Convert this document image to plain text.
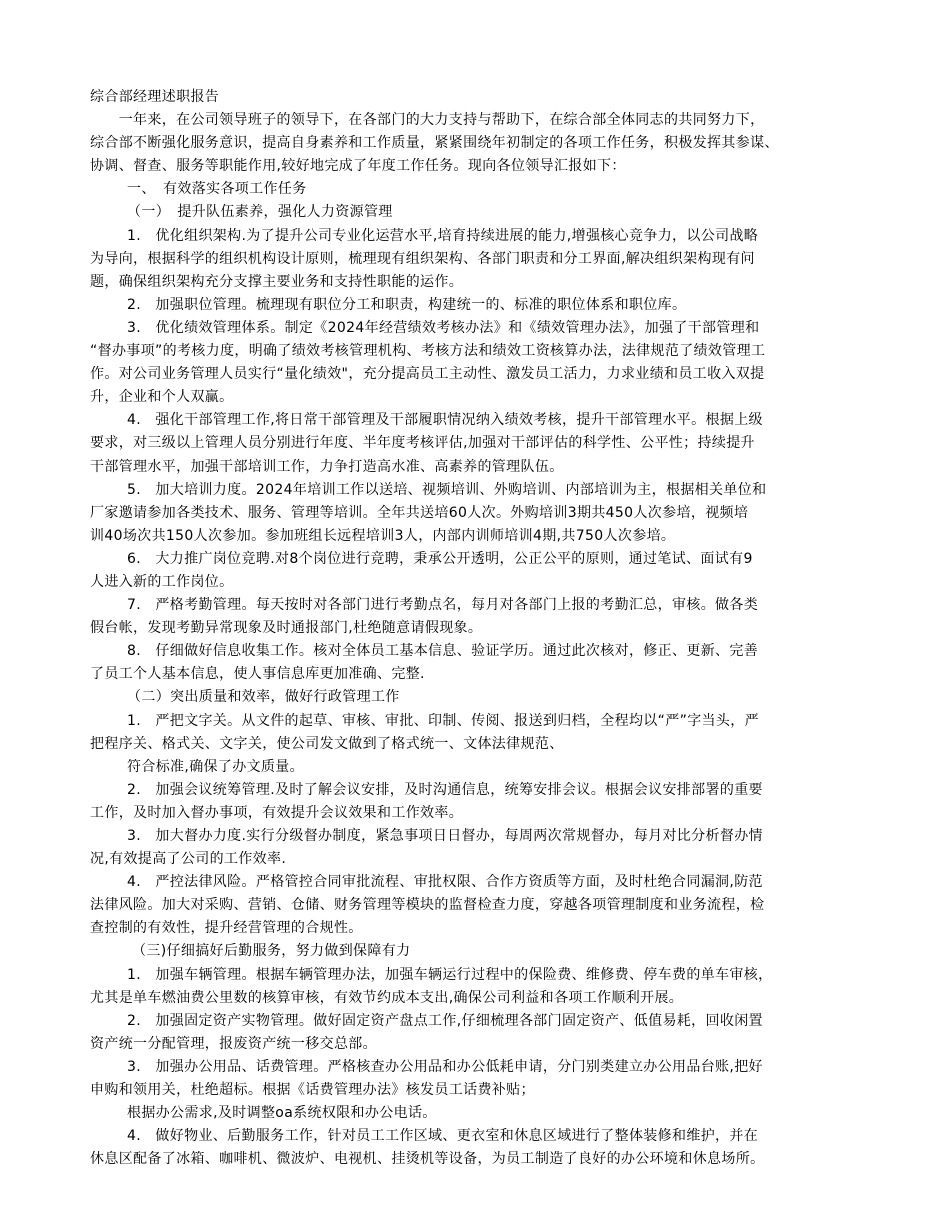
综合部经理述职报告

　　一年来，在公司领导班子的领导下，在各部门的大力支持与帮助下，在综合部全体同志的共同努力下，

综合部不断强化服务意识，提高自身素养和工作质量，紧紧围绕年初制定的各项工作任务，积极发挥其参谋、

协调、督查、服务等职能作用,较好地完成了年度工作任务。现向各位领导汇报如下：

一、　有效落实各项工作任务

（一）　提升队伍素养，强化人力资源管理

1.　优化组织架构.为了提升公司专业化运营水平,培育持续进展的能力,增强核心竞争力，以公司战略

为导向，根据科学的组织机构设计原则，梳理现有组织架构、各部门职责和分工界面,解决组织架构现有问

题，确保组织架构充分支撑主要业务和支持性职能的运作。

2.　加强职位管理。梳理现有职位分工和职责，构建统一的、标准的职位体系和职位库。

3.　优化绩效管理体系。制定《2024年经营绩效考核办法》和《绩效管理办法》，加强了干部管理和

“督办事项”的考核力度，明确了绩效考核管理机构、考核方法和绩效工资核算办法，法律规范了绩效管理工

作。对公司业务管理人员实行“量化绩效"，充分提高员工主动性、激发员工活力，力求业绩和员工收入双提

升，企业和个人双赢。

4.　强化干部管理工作,将日常干部管理及干部履职情况纳入绩效考核，提升干部管理水平。根据上级

要求，对三级以上管理人员分别进行年度、半年度考核评估,加强对干部评估的科学性、公平性；持续提升

干部管理水平，加强干部培训工作，力争打造高水准、高素养的管理队伍。

5.　加大培训力度。2024年培训工作以送培、视频培训、外购培训、内部培训为主，根据相关单位和

厂家邀请参加各类技术、服务、管理等培训。全年共送培60人次。外购培训3期共450人次参培，视频培

训40场次共150人次参加。参加班组长远程培训3人，内部内训师培训4期,共750人次参培。

6.　大力推广岗位竞聘.对8个岗位进行竞聘，秉承公开透明，公正公平的原则，通过笔试、面试有9

人进入新的工作岗位。

7.　严格考勤管理。每天按时对各部门进行考勤点名，每月对各部门上报的考勤汇总，审核。做各类

假台帐，发现考勤异常现象及时通报部门,杜绝随意请假现象。

8.　仔细做好信息收集工作。核对全体员工基本信息、验证学历。通过此次核对，修正、更新、完善

了员工个人基本信息，使人事信息库更加准确、完整.

（二）突出质量和效率，做好行政管理工作

1.　严把文字关。从文件的起草、审核、审批、印制、传阅、报送到归档，全程均以“严”字当头，严

把程序关、格式关、文字关，使公司发文做到了格式统一、文体法律规范、

符合标准,确保了办文质量。

2.　加强会议统筹管理.及时了解会议安排，及时沟通信息，统筹安排会议。根据会议安排部署的重要

工作，及时加入督办事项，有效提升会议效果和工作效率。

3.　加大督办力度.实行分级督办制度，紧急事项日日督办，每周两次常规督办，每月对比分析督办情

况,有效提高了公司的工作效率.

4.　严控法律风险。严格管控合同审批流程、审批权限、合作方资质等方面，及时杜绝合同漏洞,防范

法律风险。加大对采购、营销、仓储、财务管理等模块的监督检查力度，穿越各项管理制度和业务流程，检

查控制的有效性，提升经营管理的合规性。

（三)仔细搞好后勤服务，努力做到保障有力

1.　加强车辆管理。根据车辆管理办法，加强车辆运行过程中的保险费、维修费、停车费的单车审核，

尤其是单车燃油费公里数的核算审核，有效节约成本支出,确保公司利益和各项工作顺利开展。

2.　加强固定资产实物管理。做好固定资产盘点工作,仔细梳理各部门固定资产、低值易耗，回收闲置

资产统一分配管理，报废资产统一移交总部。

3.　加强办公用品、话费管理。严格核查办公用品和办公低耗申请，分门别类建立办公用品台账,把好

申购和领用关，杜绝超标。根据《话费管理办法》核发员工话费补贴；

根据办公需求,及时调整oa系统权限和办公电话。

4.　做好物业、后勤服务工作，针对员工工作区域、更衣室和休息区域进行了整体装修和维护，并在

休息区配备了冰箱、咖啡机、微波炉、电视机、挂烫机等设备，为员工制造了良好的办公环境和休息场所。
